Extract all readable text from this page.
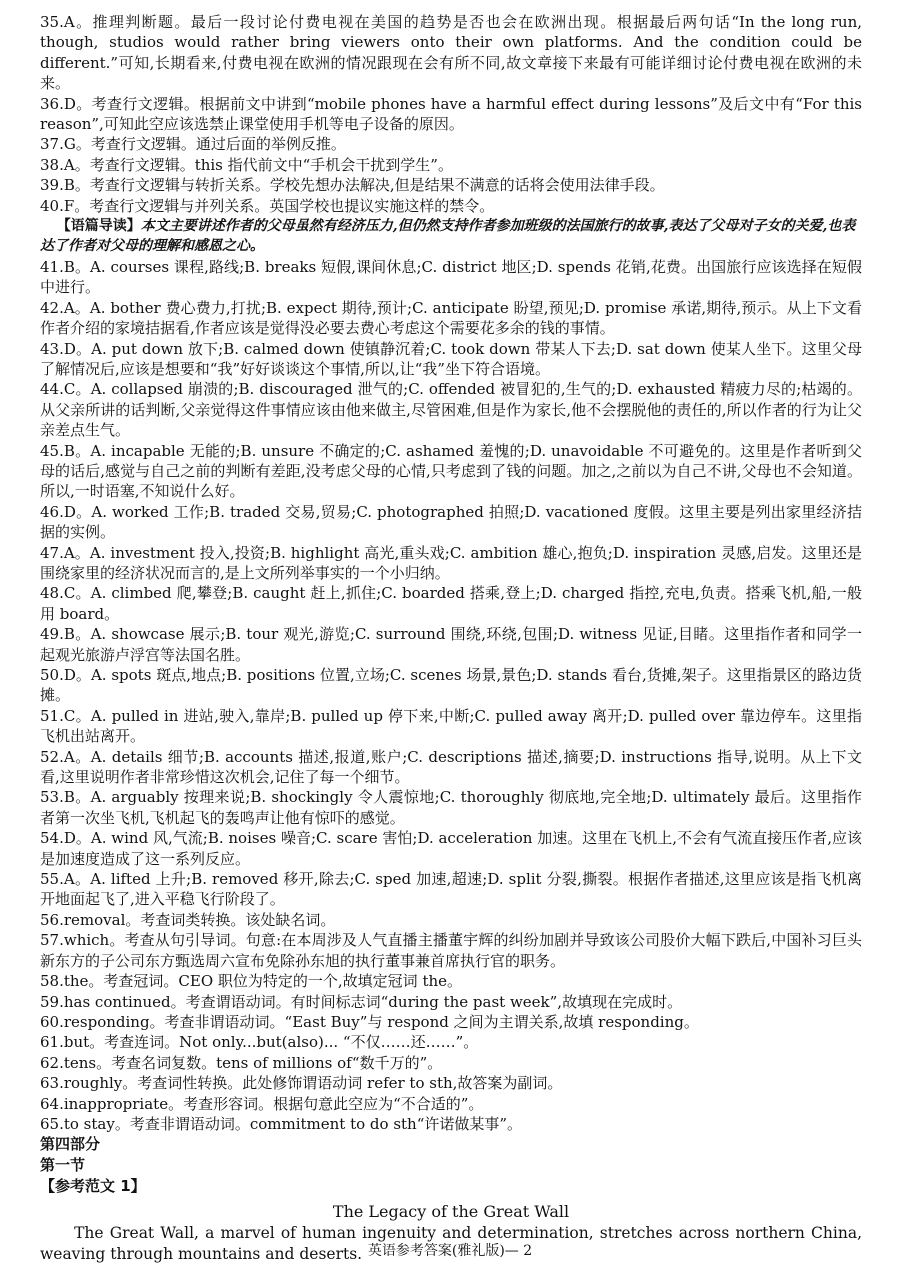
35.A。推理判断题。最后一段讨论付费电视在美国的趋势是否也会在欧洲出现。根据最后两句话“In the long run, though, studios would rather bring viewers onto their own platforms. And the condition could be different.”可知,长期看来,付费电视在欧洲的情况跟现在会有所不同,故文章接下来最有可能详细讨论付费电视在欧洲的未来。

36.D。考查行文逻辑。根据前文中讲到“mobile phones have a harmful effect during lessons”及后文中有“For this reason”,可知此空应该选禁止课堂使用手机等电子设备的原因。

37.G。考查行文逻辑。通过后面的举例反推。

38.A。考查行文逻辑。this 指代前文中“手机会干扰到学生”。

39.B。考查行文逻辑与转折关系。学校先想办法解决,但是结果不满意的话将会使用法律手段。

40.F。考查行文逻辑与并列关系。英国学校也提议实施这样的禁令。

【语篇导读】本文主要讲述作者的父母虽然有经济压力,但仍然支持作者参加班级的法国旅行的故事,表达了父母对子女的关爱,也表达了作者对父母的理解和感恩之心。

41.B。A. courses 课程,路线;B. breaks 短假,课间休息;C. district 地区;D. spends 花销,花费。出国旅行应该选择在短假中进行。

42.A。A. bother 费心费力,打扰;B. expect 期待,预计;C. anticipate 盼望,预见;D. promise 承诺,期待,预示。从上下文看作者介绍的家境拮据看,作者应该是觉得没必要去费心考虑这个需要花多余的钱的事情。

43.D。A. put down 放下;B. calmed down 使镇静沉着;C. took down 带某人下去;D. sat down 使某人坐下。这里父母了解情况后,应该是想要和“我”好好谈谈这个事情,所以,让“我”坐下符合语境。

44.C。A. collapsed 崩溃的;B. discouraged 泄气的;C. offended 被冒犯的,生气的;D. exhausted 精疲力尽的;枯竭的。从父亲所讲的话判断,父亲觉得这件事情应该由他来做主,尽管困难,但是作为家长,他不会摆脱他的责任的,所以作者的行为让父亲差点生气。

45.B。A. incapable 无能的;B. unsure 不确定的;C. ashamed 羞愧的;D. unavoidable 不可避免的。这里是作者听到父母的话后,感觉与自己之前的判断有差距,没考虑父母的心情,只考虑到了钱的问题。加之,之前以为自己不讲,父母也不会知道。所以,一时语塞,不知说什么好。

46.D。A. worked 工作;B. traded 交易,贸易;C. photographed 拍照;D. vacationed 度假。这里主要是列出家里经济拮据的实例。

47.A。A. investment 投入,投资;B. highlight 高光,重头戏;C. ambition 雄心,抱负;D. inspiration 灵感,启发。这里还是围绕家里的经济状况而言的,是上文所列举事实的一个小归纳。

48.C。A. climbed 爬,攀登;B. caught 赶上,抓住;C. boarded 搭乘,登上;D. charged 指控,充电,负责。搭乘飞机,船,一般用 board。

49.B。A. showcase 展示;B. tour 观光,游览;C. surround 围绕,环绕,包围;D. witness 见证,目睹。这里指作者和同学一起观光旅游卢浮宫等法国名胜。

50.D。A. spots 斑点,地点;B. positions 位置,立场;C. scenes 场景,景色;D. stands 看台,货摊,架子。这里指景区的路边货摊。

51.C。A. pulled in 进站,驶入,靠岸;B. pulled up 停下来,中断;C. pulled away 离开;D. pulled over 靠边停车。这里指飞机出站离开。

52.A。A. details 细节;B. accounts 描述,报道,账户;C. descriptions 描述,摘要;D. instructions 指导,说明。从上下文看,这里说明作者非常珍惜这次机会,记住了每一个细节。

53.B。A. arguably 按理来说;B. shockingly 令人震惊地;C. thoroughly 彻底地,完全地;D. ultimately 最后。这里指作者第一次坐飞机,飞机起飞的轰鸣声让他有惊吓的感觉。

54.D。A. wind 风,气流;B. noises 噪音;C. scare 害怕;D. acceleration 加速。这里在飞机上,不会有气流直接压作者,应该是加速度造成了这一系列反应。

55.A。A. lifted 上升;B. removed 移开,除去;C. sped 加速,超速;D. split 分裂,撕裂。根据作者描述,这里应该是指飞机离开地面起飞了,进入平稳飞行阶段了。

56.removal。考查词类转换。该处缺名词。

57.which。考查从句引导词。句意:在本周涉及人气直播主播董宇辉的纠纷加剧并导致该公司股价大幅下跌后,中国补习巨头新东方的子公司东方甄选周六宣布免除孙东旭的执行董事兼首席执行官的职务。

58.the。考查冠词。CEO 职位为特定的一个,故填定冠词 the。

59.has continued。考查谓语动词。有时间标志词“during the past week”,故填现在完成时。

60.responding。考查非谓语动词。“East Buy”与 respond 之间为主谓关系,故填 responding。

61.but。考查连词。Not only...but(also)... “不仅……还……”。

62.tens。考查名词复数。tens of millions of“数千万的”。

63.roughly。考查词性转换。此处修饰谓语动词 refer to sth,故答案为副词。

64.inappropriate。考查形容词。根据句意此空应为“不合适的”。

65.to stay。考查非谓语动词。commitment to do sth“许诺做某事”。

第四部分

第一节

【参考范文 1】

The Legacy of the Great Wall

The Great Wall, a marvel of human ingenuity and determination, stretches across northern China, weaving through mountains and deserts. 英语参考答案(雅礼版)— 2
